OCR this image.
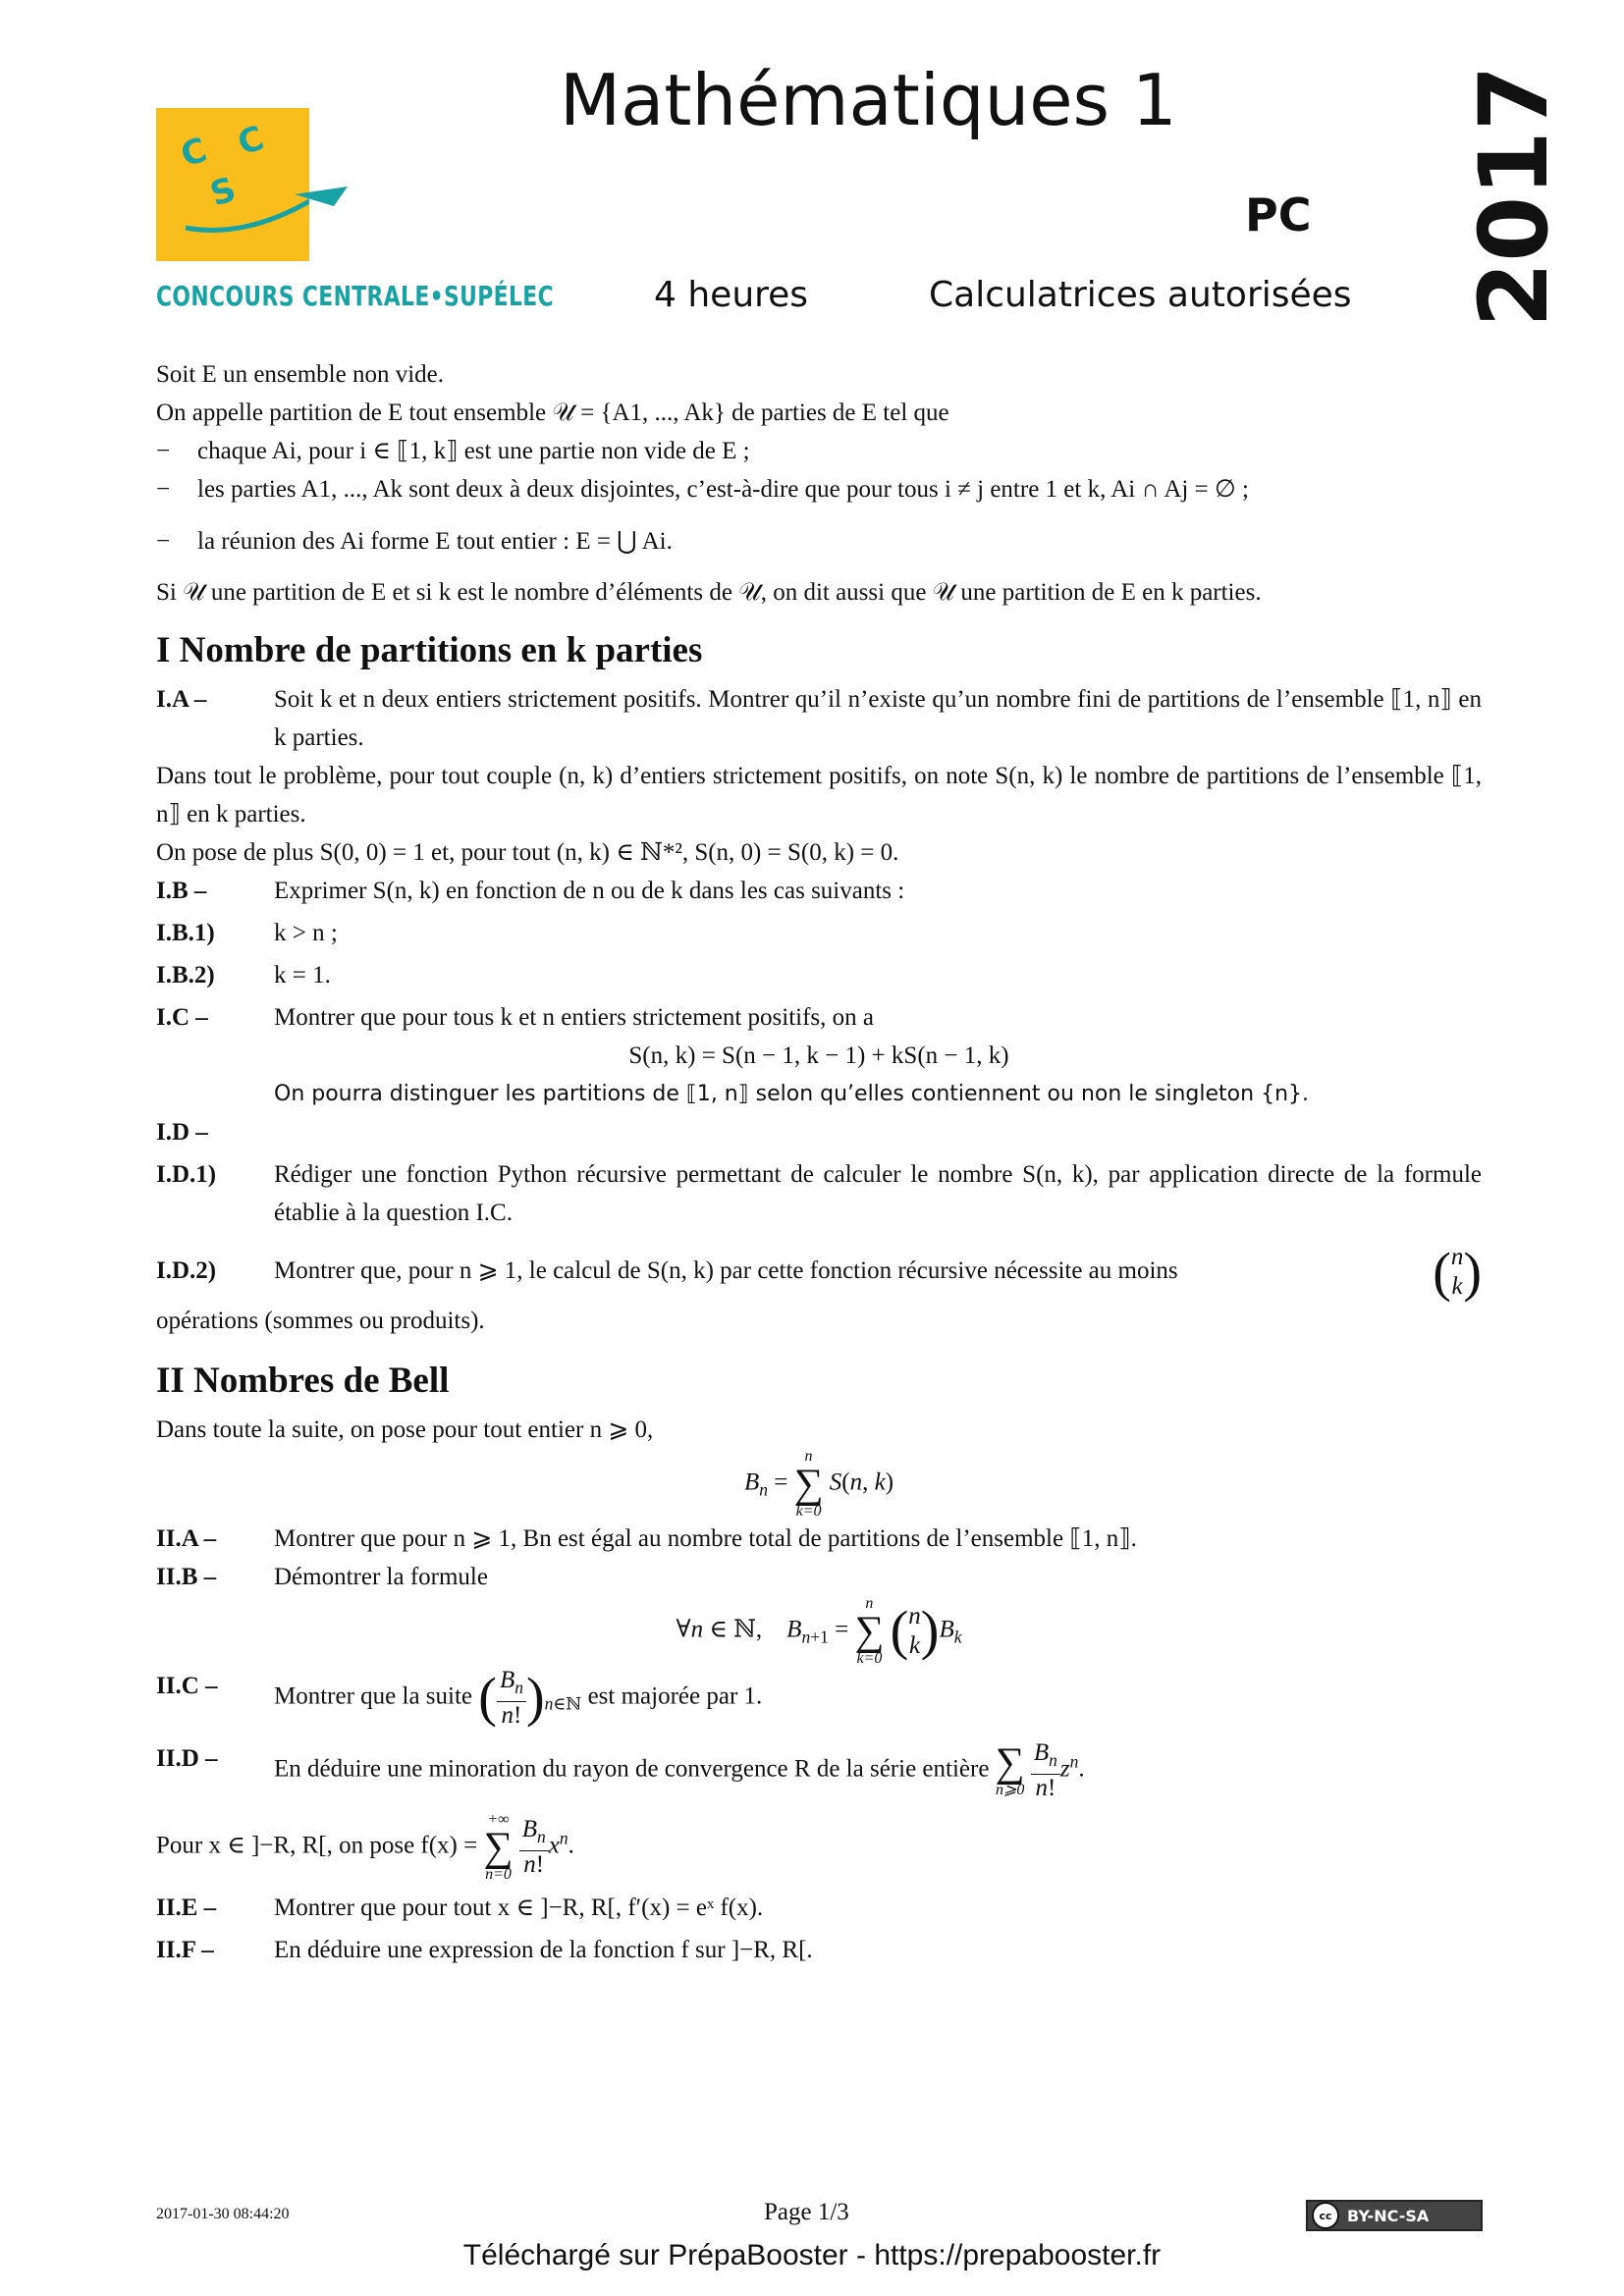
C C
S
CONCOURS CENTRALE•SUPÉLEC
Mathématiques 1
PC 2017
4 heures	Calculatrices autorisées

Soit E un ensemble non vide.

On appelle partition de E tout ensemble 𝒰 = {A1, ..., Ak} de parties de E tel que

− chaque Ai, pour i ∈ ⟦1, k⟧ est une partie non vide de E ;

− les parties A1, ..., Ak sont deux à deux disjointes, c’est-à-dire que pour tous i ≠ j entre 1 et k, Ai ∩ Aj = ∅ ;

− la réunion des Ai forme E tout entier : E = ⋃ Ai.

Si 𝒰 une partition de E et si k est le nombre d’éléments de 𝒰, on dit aussi que 𝒰 une partition de E en k parties.

I Nombre de partitions en k parties

I.A –	Soit k et n deux entiers strictement positifs. Montrer qu’il n’existe qu’un nombre fini de partitions de l’ensemble ⟦1, n⟧ en k parties.

Dans tout le problème, pour tout couple (n, k) d’entiers strictement positifs, on note S(n, k) le nombre de partitions de l’ensemble ⟦1, n⟧ en k parties.

On pose de plus S(0, 0) = 1 et, pour tout (n, k) ∈ ℕ*², S(n, 0) = S(0, k) = 0.

I.B –	Exprimer S(n, k) en fonction de n ou de k dans les cas suivants :

I.B.1) k > n ;

I.B.2) k = 1.

I.C –	Montrer que pour tous k et n entiers strictement positifs, on a

S(n, k) = S(n − 1, k − 1) + kS(n − 1, k)

On pourra distinguer les partitions de ⟦1, n⟧ selon qu’elles contiennent ou non le singleton {n}.

I.D –

I.D.1) Rédiger une fonction Python récursive permettant de calculer le nombre S(n, k), par application directe de la formule établie à la question I.C.

I.D.2) Montrer que, pour n ⩾ 1, le calcul de S(n, k) par cette fonction récursive nécessite au moins	( n
k )

opérations (sommes ou produits).

II Nombres de Bell

Dans toute la suite, on pose pour tout entier n ⩾ 0,

$B_n$ =
n
∑
k=0
S(n, k)

II.A – Montrer que pour n ⩾ 1, Bn est égal au nombre total de partitions de l’ensemble ⟦1, n⟧.

II.B – Démontrer la formule

∀n ∈ ℕ,    $B_{n+1}$ =
n
∑
k=0 ( n
k )$B_k$

II.C – Montrer que la suite ( $\frac{B_n}{n!} )_{n\in ℕ}$ est majorée par 1.

II.D – En déduire une minoration du rayon de convergence R de la série entière ∑
n⩾0
$\frac{B_n}{n!} z^n$.

Pour x ∈ ]−R, R[, on pose f(x) =
+∞
∑
n=0
$\frac{B_n}{n!} x^n$.

II.E – Montrer que pour tout x ∈ ]−R, R[, f′(x) = eˣ f(x).

II.F – En déduire une expression de la fonction f sur ]−R, R[.

2017-01-30 08:44:20	Page 1/3	cc BY-NC-SA
Téléchargé sur PrépaBooster - https://prepabooster.fr
